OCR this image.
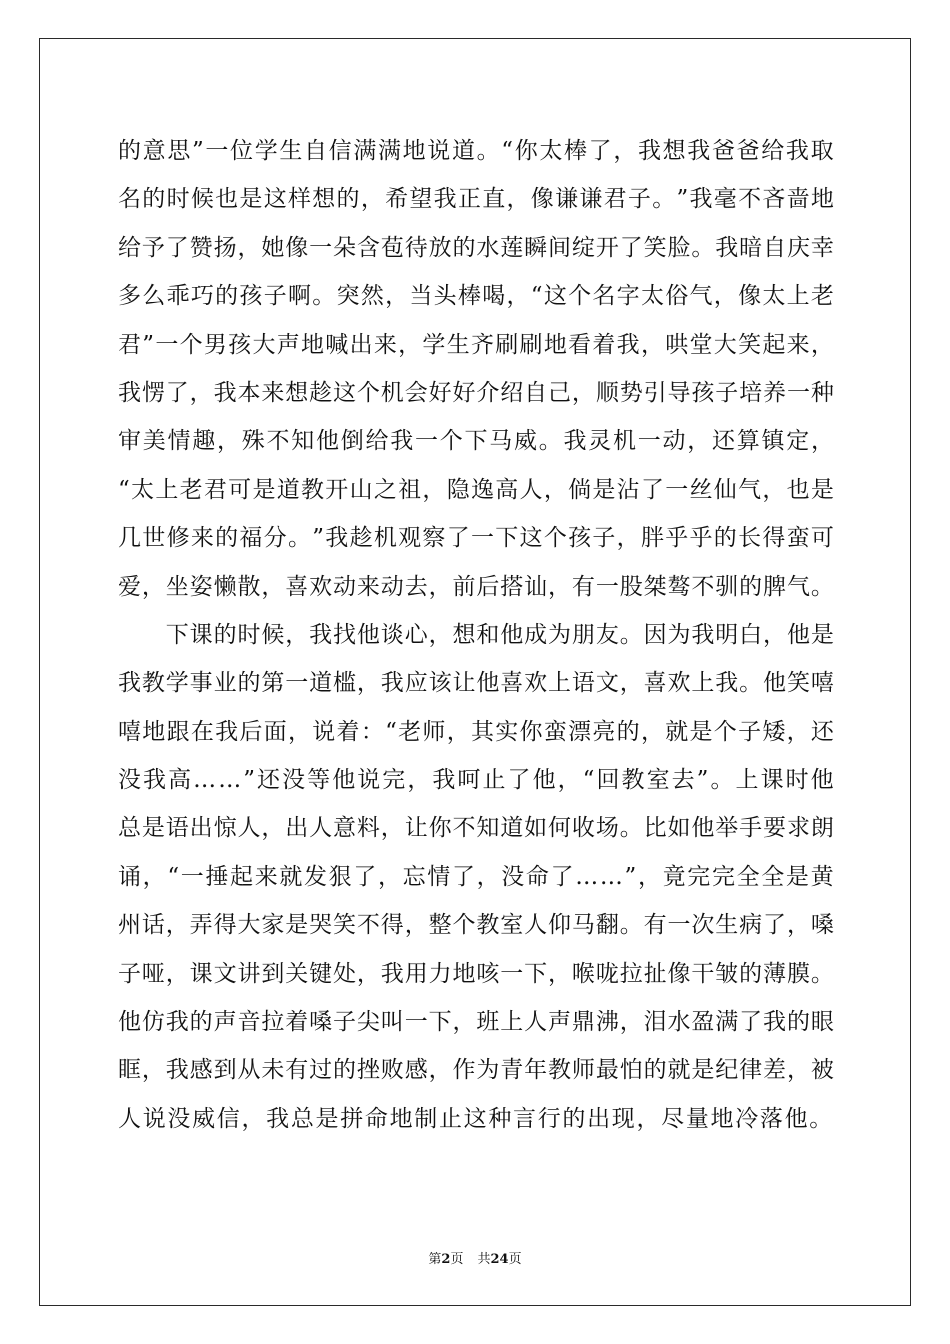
的 意 思 ” 一 位 学 生 自 信 满 满 地 说 道 。 “ 你 太 棒 了 ， 我 想 我 爸 爸 给 我 取
名 的 时 候 也 是 这 样 想 的 ， 希 望 我 正 直 ， 像 谦 谦 君 子 。 ” 我 毫 不 吝 啬 地
给 予 了 赞 扬 ， 她 像 一 朵 含 苞 待 放 的 水 莲 瞬 间 绽 开 了 笑 脸 。 我 暗 自 庆 幸
多 么 乖 巧 的 孩 子 啊 。 突 然 ， 当 头 棒 喝 ， “ 这 个 名 字 太 俗 气 ， 像 太 上 老
君 ” 一 个 男 孩 大 声 地 喊 出 来 ， 学 生 齐 刷 刷 地 看 着 我 ， 哄 堂 大 笑 起 来 ，
我 愣 了 ， 我 本 来 想 趁 这 个 机 会 好 好 介 绍 自 己 ， 顺 势 引 导 孩 子 培 养 一 种
审 美 情 趣 ， 殊 不 知 他 倒 给 我 一 个 下 马 威 。 我 灵 机 一 动 ， 还 算 镇 定 ，
“ 太 上 老 君 可 是 道 教 开 山 之 祖 ， 隐 逸 高 人 ， 倘 是 沾 了 一 丝 仙 气 ， 也 是
几 世 修 来 的 福 分 。 ” 我 趁 机 观 察 了 一 下 这 个 孩 子 ， 胖 乎 乎 的 长 得 蛮 可
爱 ， 坐 姿 懒 散 ， 喜 欢 动 来 动 去 ， 前 后 搭 讪 ， 有 一 股 桀 骜 不 驯 的 脾 气 。

下 课 的 时 候 ， 我 找 他 谈 心 ， 想 和 他 成 为 朋 友 。 因 为 我 明 白 ， 他 是
我 教 学 事 业 的 第 一 道 槛 ， 我 应 该 让 他 喜 欢 上 语 文 ， 喜 欢 上 我 。 他 笑 嘻
嘻 地 跟 在 我 后 面 ， 说 着 ： “ 老 师 ， 其 实 你 蛮 漂 亮 的 ， 就 是 个 子 矮 ， 还
没 我 高 … … ” 还 没 等 他 说 完 ， 我 呵 止 了 他 ， “ 回 教 室 去 ” 。 上 课 时 他
总 是 语 出 惊 人 ， 出 人 意 料 ， 让 你 不 知 道 如 何 收 场 。 比 如 他 举 手 要 求 朗
诵 ， “ 一 捶 起 来 就 发 狠 了 ， 忘 情 了 ， 没 命 了 … … ” ， 竟 完 完 全 全 是 黄
州 话 ， 弄 得 大 家 是 哭 笑 不 得 ， 整 个 教 室 人 仰 马 翻 。 有 一 次 生 病 了 ， 嗓
子 哑 ， 课 文 讲 到 关 键 处 ， 我 用 力 地 咳 一 下 ， 喉 咙 拉 扯 像 干 皱 的 薄 膜 。
他 仿 我 的 声 音 拉 着 嗓 子 尖 叫 一 下 ， 班 上 人 声 鼎 沸 ， 泪 水 盈 满 了 我 的 眼
眶 ， 我 感 到 从 未 有 过 的 挫 败 感 ， 作 为 青 年 教 师 最 怕 的 就 是 纪 律 差 ， 被
人 说 没 威 信 ， 我 总 是 拼 命 地 制 止 这 种 言 行 的 出 现 ， 尽 量 地 冷 落 他 。
第2页 共24页
